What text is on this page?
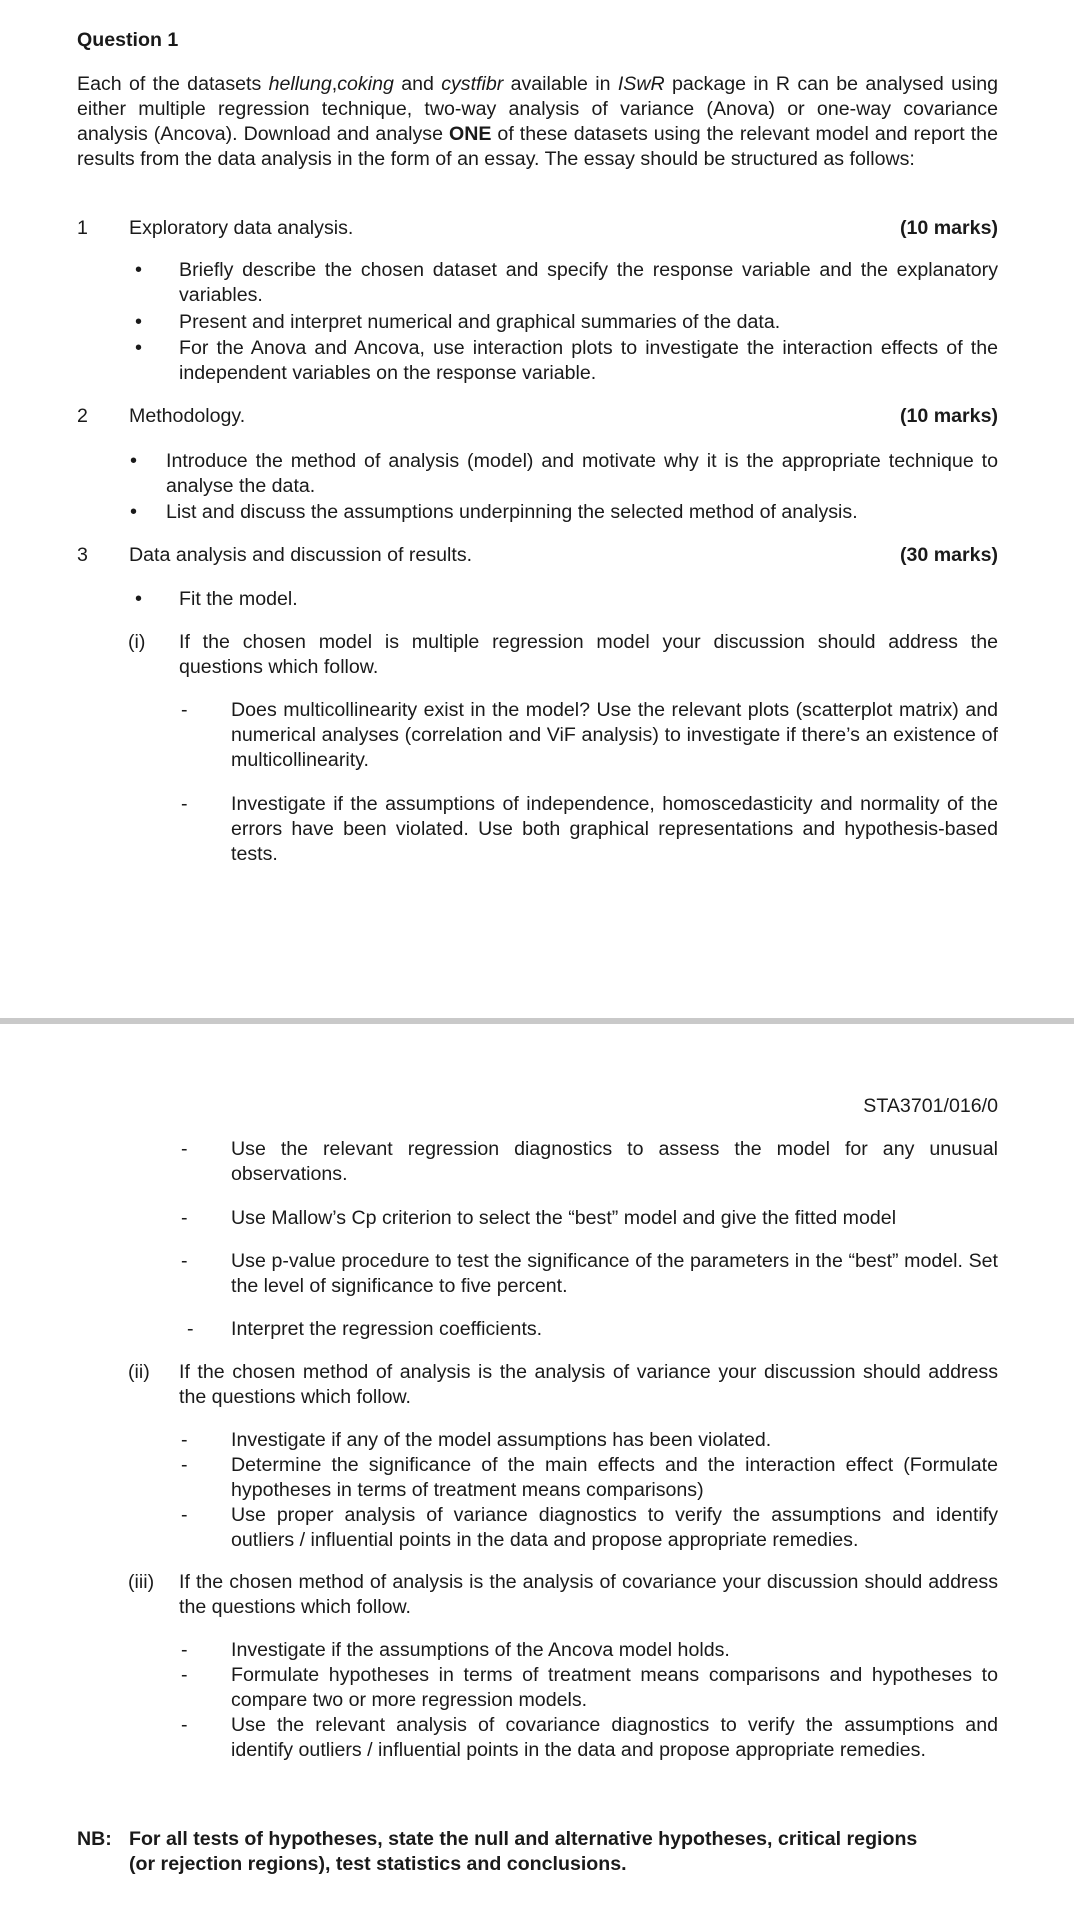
Question 1

Each of the datasets hellung,coking and cystfibr available in ISwR package in R can be analysed using either multiple regression technique, two-way analysis of variance (Anova) or one-way covariance analysis (Ancova). Download and analyse ONE of these datasets using the relevant model and report the results from the data analysis in the form of an essay. The essay should be structured as follows:

1 Exploratory data analysis.	(10 marks)
• Briefly describe the chosen dataset and specify the response variable and the explanatory variables.
• Present and interpret numerical and graphical summaries of the data.
• For the Anova and Ancova, use interaction plots to investigate the interaction effects of the independent variables on the response variable.
2 Methodology.	(10 marks)
• Introduce the method of analysis (model) and motivate why it is the appropriate technique to analyse the data.
• List and discuss the assumptions underpinning the selected method of analysis.
3 Data analysis and discussion of results.	(30 marks)
• Fit the model.
(i) If the chosen model is multiple regression model your discussion should address the questions which follow.
- Does multicollinearity exist in the model? Use the relevant plots (scatterplot matrix) and numerical analyses (correlation and ViF analysis) to investigate if there’s an existence of multicollinearity.
- Investigate if the assumptions of independence, homoscedasticity and normality of the errors have been violated. Use both graphical representations and hypothesis-based tests.
STA3701/016/0
- Use the relevant regression diagnostics to assess the model for any unusual observations.
- Use Mallow’s Cp criterion to select the “best” model and give the fitted model
- Use p-value procedure to test the significance of the parameters in the “best” model. Set the level of significance to five percent.
- Interpret the regression coefficients.
(ii) If the chosen method of analysis is the analysis of variance your discussion should address the questions which follow.
- Investigate if any of the model assumptions has been violated.
- Determine the significance of the main effects and the interaction effect (Formulate hypotheses in terms of treatment means comparisons)
- Use proper analysis of variance diagnostics to verify the assumptions and identify outliers / influential points in the data and propose appropriate remedies.
(iii) If the chosen method of analysis is the analysis of covariance your discussion should address the questions which follow.
- Investigate if the assumptions of the Ancova model holds.
- Formulate hypotheses in terms of treatment means comparisons and hypotheses to compare two or more regression models.
- Use the relevant analysis of covariance diagnostics to verify the assumptions and identify outliers / influential points in the data and propose appropriate remedies.
NB: For all tests of hypotheses, state the null and alternative hypotheses, critical regions (or rejection regions), test statistics and conclusions.
